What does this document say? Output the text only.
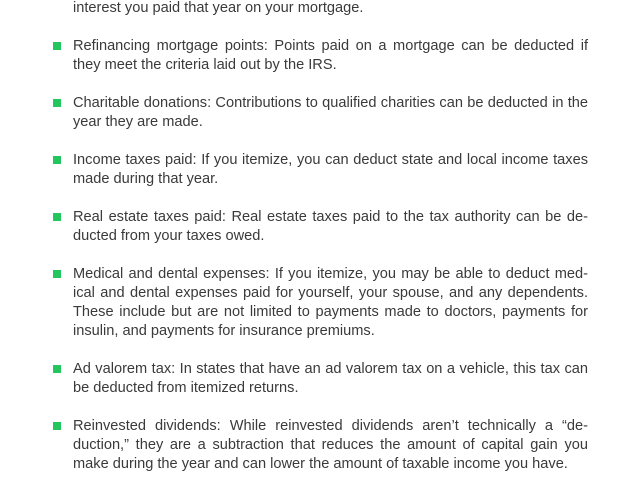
interest you paid that year on your mortgage.
Refinancing mortgage points: Points paid on a mortgage can be deducted if they meet the criteria laid out by the IRS.
Charitable donations: Contributions to qualified charities can be deducted in the year they are made.
Income taxes paid: If you itemize, you can deduct state and local income taxes made during that year.
Real estate taxes paid: Real estate taxes paid to the tax authority can be de-ducted from your taxes owed.
Medical and dental expenses: If you itemize, you may be able to deduct med-ical and dental expenses paid for yourself, your spouse, and any dependents. These include but are not limited to payments made to doctors, payments for insulin, and payments for insurance premiums.
Ad valorem tax: In states that have an ad valorem tax on a vehicle, this tax can be deducted from itemized returns.
Reinvested dividends: While reinvested dividends aren’t technically a “de-duction,” they are a subtraction that reduces the amount of capital gain you make during the year and can lower the amount of taxable income you have.
